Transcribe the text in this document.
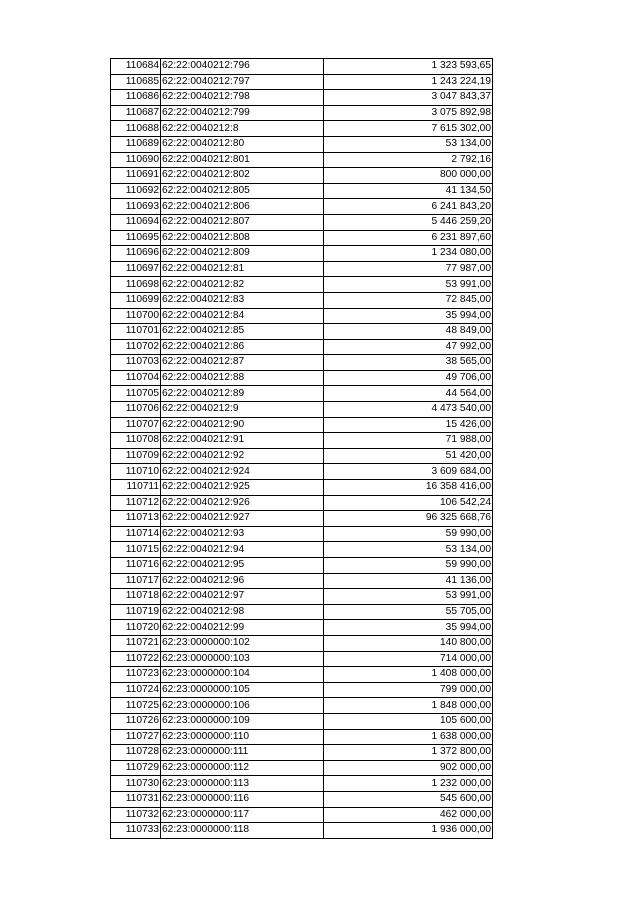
110684	62:22:0040212:796	1 323 593,65
110685	62:22:0040212:797	1 243 224,19
110686	62:22:0040212:798	3 047 843,37
110687	62:22:0040212:799	3 075 892,98
110688	62:22:0040212:8	7 615 302,00
110689	62:22:0040212:80	53 134,00
110690	62:22:0040212:801	2 792,16
110691	62:22:0040212:802	800 000,00
110692	62:22:0040212:805	41 134,50
110693	62:22:0040212:806	6 241 843,20
110694	62:22:0040212:807	5 446 259,20
110695	62:22:0040212:808	6 231 897,60
110696	62:22:0040212:809	1 234 080,00
110697	62:22:0040212:81	77 987,00
110698	62:22:0040212:82	53 991,00
110699	62:22:0040212:83	72 845,00
110700	62:22:0040212:84	35 994,00
110701	62:22:0040212:85	48 849,00
110702	62:22:0040212:86	47 992,00
110703	62:22:0040212:87	38 565,00
110704	62:22:0040212:88	49 706,00
110705	62:22:0040212:89	44 564,00
110706	62:22:0040212:9	4 473 540,00
110707	62:22:0040212:90	15 426,00
110708	62:22:0040212:91	71 988,00
110709	62:22:0040212:92	51 420,00
110710	62:22:0040212:924	3 609 684,00
110711	62:22:0040212:925	16 358 416,00
110712	62:22:0040212:926	106 542,24
110713	62:22:0040212:927	96 325 668,76
110714	62:22:0040212:93	59 990,00
110715	62:22:0040212:94	53 134,00
110716	62:22:0040212:95	59 990,00
110717	62:22:0040212:96	41 136,00
110718	62:22:0040212:97	53 991,00
110719	62:22:0040212:98	55 705,00
110720	62:22:0040212:99	35 994,00
110721	62:23:0000000:102	140 800,00
110722	62:23:0000000:103	714 000,00
110723	62:23:0000000:104	1 408 000,00
110724	62:23:0000000:105	799 000,00
110725	62:23:0000000:106	1 848 000,00
110726	62:23:0000000:109	105 600,00
110727	62:23:0000000:110	1 638 000,00
110728	62:23:0000000:111	1 372 800,00
110729	62:23:0000000:112	902 000,00
110730	62:23:0000000:113	1 232 000,00
110731	62:23:0000000:116	545 600,00
110732	62:23:0000000:117	462 000,00
110733	62:23:0000000:118	1 936 000,00
